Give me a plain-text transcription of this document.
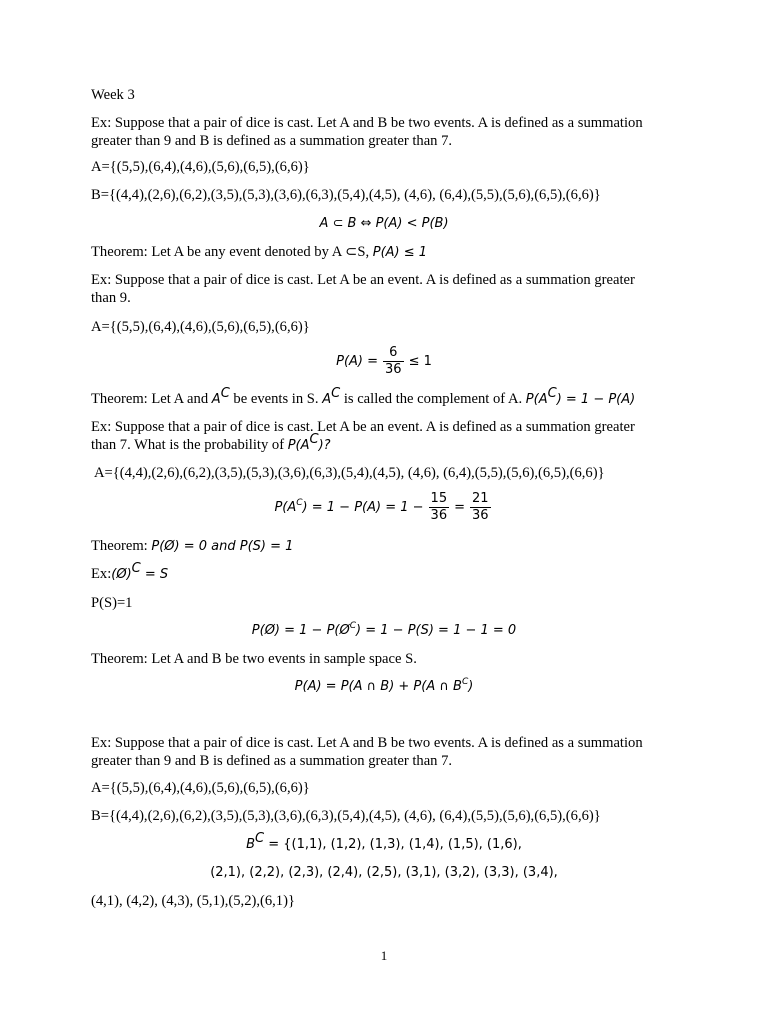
Week 3
Ex: Suppose that a pair of dice is cast. Let A and B be two events. A is defined as a summation
greater than 9 and B is defined as a summation greater than 7.
A={(5,5),(6,4),(4,6),(5,6),(6,5),(6,6)}
B={(4,4),(2,6),(6,2),(3,5),(5,3),(3,6),(6,3),(5,4),(4,5), (4,6), (6,4),(5,5),(5,6),(6,5),(6,6)}
A ⊂ B ⇔ P(A) < P(B)
Theorem: Let A be any event denoted by A ⊂S, P(A) ≤ 1
Ex: Suppose that a pair of dice is cast. Let A be an event. A is defined as a summation greater
than 9.
A={(5,5),(6,4),(4,6),(5,6),(6,5),(6,6)}
$P(A) = \frac{6}{36} \le 1$
Theorem: Let A and $A^C$ be events in S. $A^C$ is called the complement of A. $P(A^C) = 1 - P(A)$
Ex: Suppose that a pair of dice is cast. Let A be an event. A is defined as a summation greater
than 7. What is the probability of $P(A^C)$?
A={(4,4),(2,6),(6,2),(3,5),(5,3),(3,6),(6,3),(5,4),(4,5), (4,6), (6,4),(5,5),(5,6),(6,5),(6,6)}
$P(A^C) = 1 - P(A) = 1 - \frac{15}{36} = \frac{21}{36}$
Theorem: P(Ø) = 0 and P(S) = 1
Ex:(Ø)$^C$ = S
P(S)=1
P(Ø) = $1 - P(Ø^C) = 1 - P(S) = 1 - 1 = 0$
Theorem: Let A and B be two events in sample space S.
P(A) = P(A ∩ B) + P(A ∩ $B^C$)
Ex: Suppose that a pair of dice is cast. Let A and B be two events. A is defined as a summation
greater than 9 and B is defined as a summation greater than 7.
A={(5,5),(6,4),(4,6),(5,6),(6,5),(6,6)}
B={(4,4),(2,6),(6,2),(3,5),(5,3),(3,6),(6,3),(5,4),(4,5), (4,6), (6,4),(5,5),(5,6),(6,5),(6,6)}
$B^C = \{(1,1)$, (1,2), (1,3), (1,4), (1,5), (1,6),
(2,1), (2,2), (2,3), (2,4), (2,5), (3,1), (3,2), (3,3), (3,4),
(4,1), (4,2), (4,3), (5,1),(5,2),(6,1)}
1
